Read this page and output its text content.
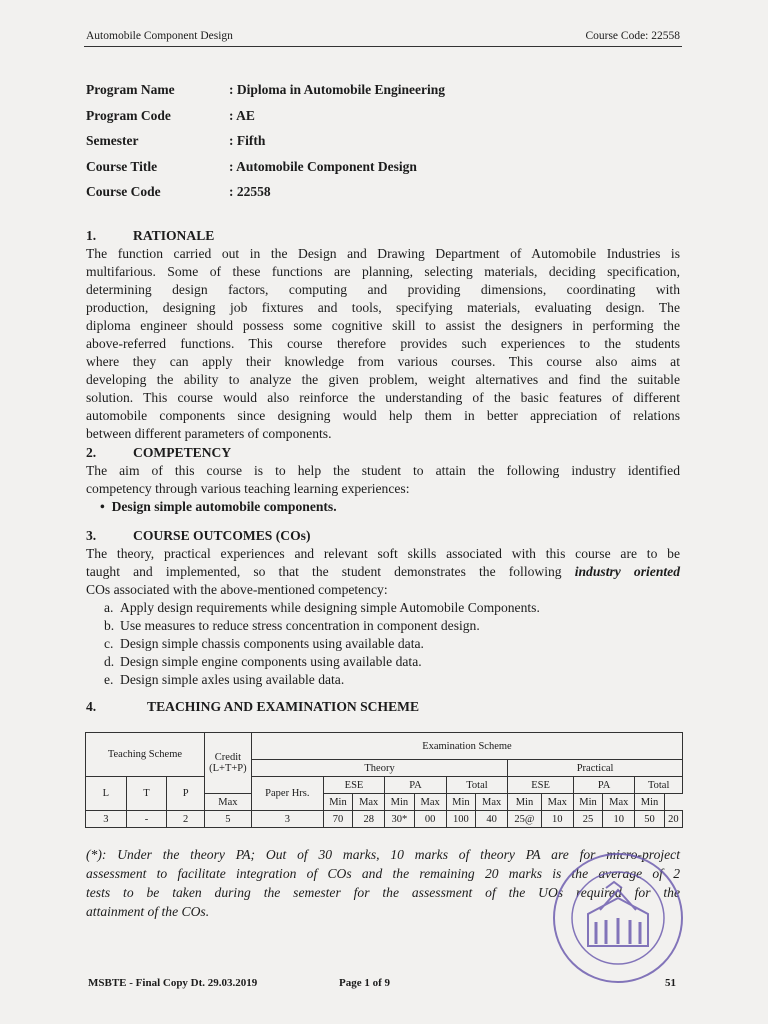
Automobile Component Design	Course Code: 22558
Program Name	: Diploma in Automobile Engineering
Program Code	: AE
Semester	: Fifth
Course Title	: Automobile Component Design
Course Code	: 22558
1.	RATIONALE
The function carried out in the Design and Drawing Department of Automobile Industries is
multifarious. Some of these functions are planning, selecting materials, deciding specification,
determining design factors, computing and providing dimensions, coordinating with
production, designing job fixtures and tools, specifying materials, evaluating design. The
diploma engineer should possess some cognitive skill to assist the designers in performing the
above-referred functions. This course therefore provides such experiences to the students
where they can apply their knowledge from various courses. This course also aims at
developing the ability to analyze the given problem, weight alternatives and find the suitable
solution. This course would also reinforce the understanding of the basic features of different
automobile components since designing would help them in better appreciation of relations
between different parameters of components.
2.	COMPETENCY
The aim of this course is to help the student to attain the following industry identified
competency through various teaching learning experiences:
•  Design simple automobile components.
3.	COURSE OUTCOMES (COs)
The theory, practical experiences and relevant soft skills associated with this course are to be
taught and implemented, so that the student demonstrates the following industry oriented
COs associated with the above-mentioned competency:
a. Apply design requirements while designing simple Automobile Components.
b. Use measures to reduce stress concentration in component design.
c. Design simple chassis components using available data.
d. Design simple engine components using available data.
e. Design simple axles using available data.
4.	TEACHING AND EXAMINATION SCHEME
Teaching Scheme			Credit (L+T+P)	Examination Scheme												
				Theory							Practical					
L	T	P		Paper Hrs.	ESE		PA		Total		ESE		PA		Total	
			Max		Min	Max	Min	Max	Min	Max	Min	Max	Min	Max	Min	
3	-	2	5	3	70	28	30*	00	100	40	25@	10	25	10	50	20
(*): Under the theory PA; Out of 30 marks, 10 marks of theory PA are for micro-project
assessment to facilitate integration of COs and the remaining 20 marks is the average of 2
tests to be taken during the semester for the assessment of the UOs required for the
attainment of the COs.
MSBTE - Final Copy Dt. 29.03.2019	Page 1 of 9	51
